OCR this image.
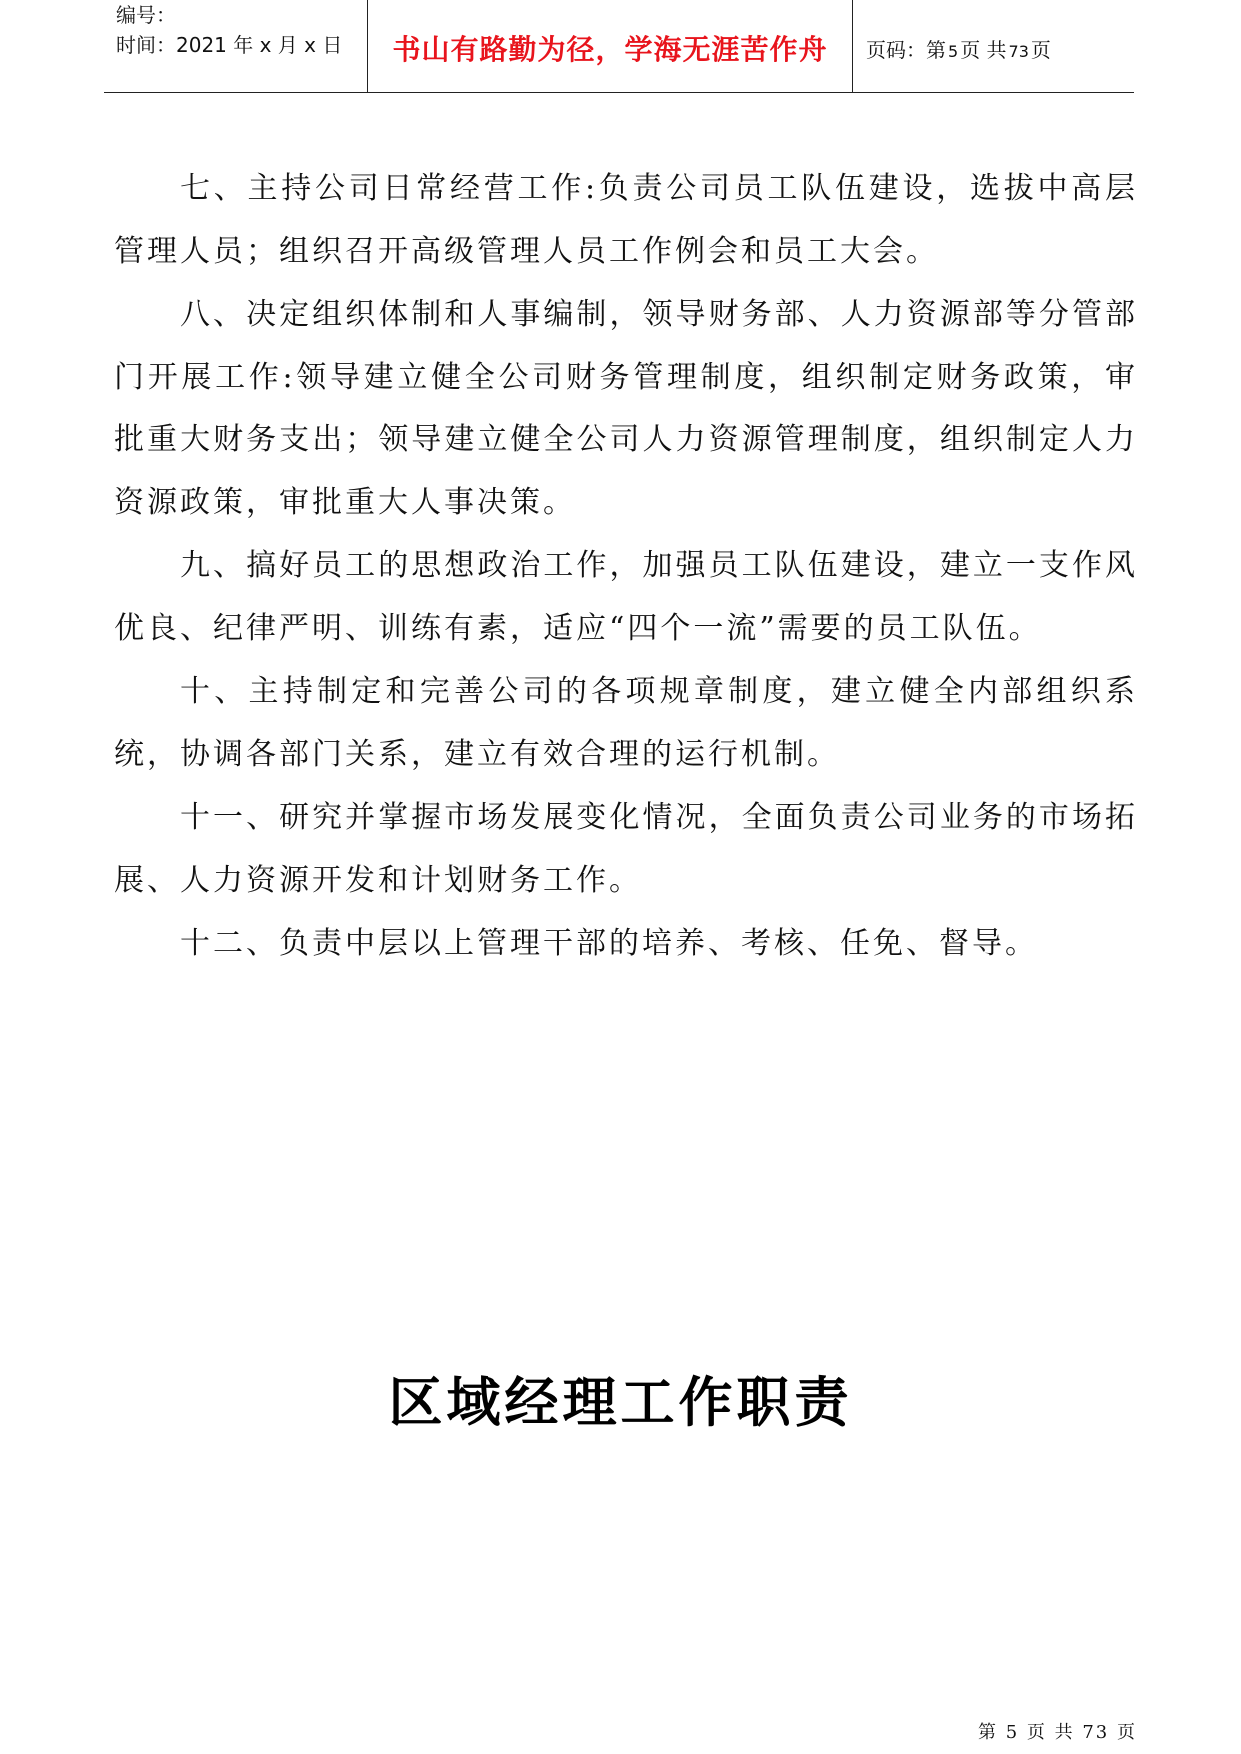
编号：
时间：2021 年 x 月 x 日	书山有路勤为径，学海无涯苦作舟	页码：第 5 页 共 73 页

七、主持公司日常经营工作:负责公司员工队伍建设，选拔中高层管理人员；组织召开高级管理人员工作例会和员工大会。

八、决定组织体制和人事编制，领导财务部、人力资源部等分管部门开展工作:领导建立健全公司财务管理制度，组织制定财务政策，审批重大财务支出；领导建立健全公司人力资源管理制度，组织制定人力资源政策，审批重大人事决策。

九、搞好员工的思想政治工作，加强员工队伍建设，建立一支作风优良、纪律严明、训练有素，适应“四个一流”需要的员工队伍。

十、主持制定和完善公司的各项规章制度，建立健全内部组织系统，协调各部门关系，建立有效合理的运行机制。

十一、研究并掌握市场发展变化情况，全面负责公司业务的市场拓展、人力资源开发和计划财务工作。

十二、负责中层以上管理干部的培养、考核、任免、督导。

区域经理工作职责
第 5 页 共 73 页
